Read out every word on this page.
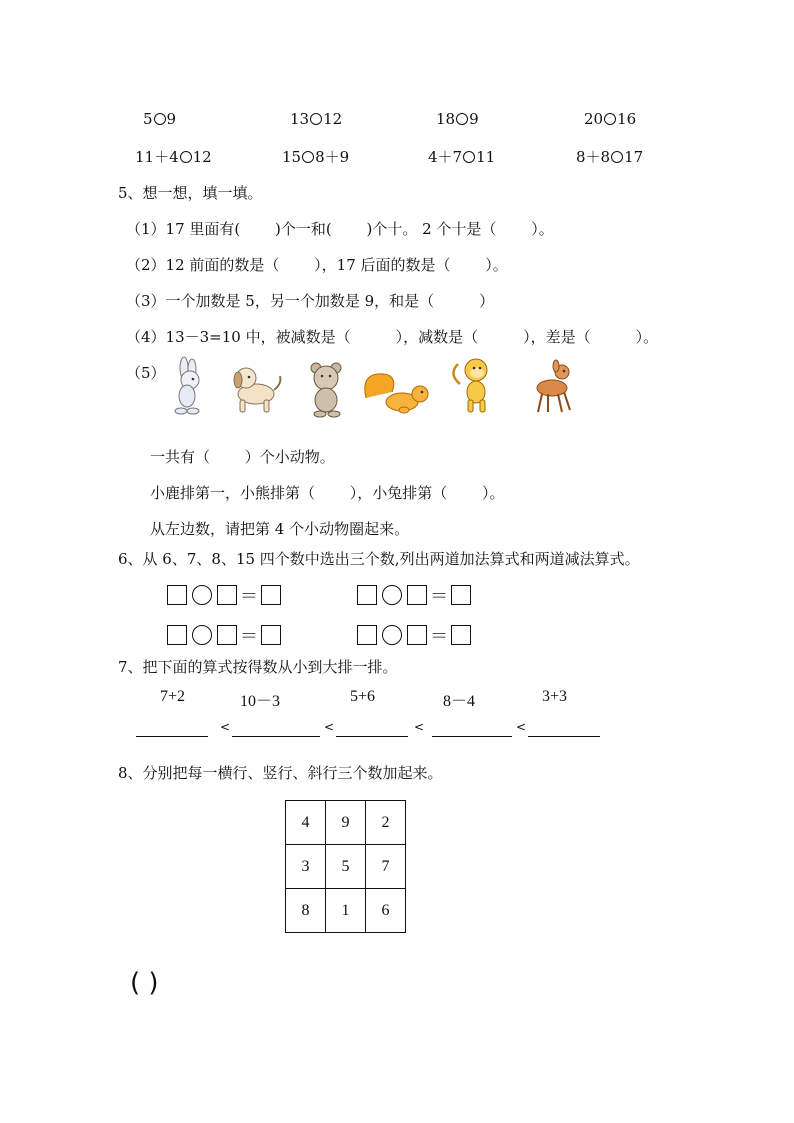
5 9	13 12	18 9	20 16
11＋4 12	15 8＋9	4＋7 11	8＋8 17
5、想一想，填一填。
（1）17 里面有(　 　)个一和(　 　)个十。 2 个十是（　 　）。
（2）12 前面的数是（　　 ），17 后面的数是（　　 ）。
（3）一个加数是 5，另一个加数是 9，和是（　　　）
（4）13－3=10 中，被减数是（　　　），减数是（　　　），差是（　　　）。
（5）
一共有（　　 ）个小动物。
小鹿排第一，小熊排第（　　 ），小兔排第（　　 ）。
从左边数，请把第 4 个小动物圈起来。
6、从 6、7、8、15 四个数中选出三个数,列出两道加法算式和两道减法算式。
＝	＝
＝	＝
7、把下面的算式按得数从小到大排一排。
7+2	10－3	5+6	8－4	3+3
<	<	<	<
8、分别把每一横行、竖行、斜行三个数加起来。
4	9	2
3	5	7
8	1	6
( )
